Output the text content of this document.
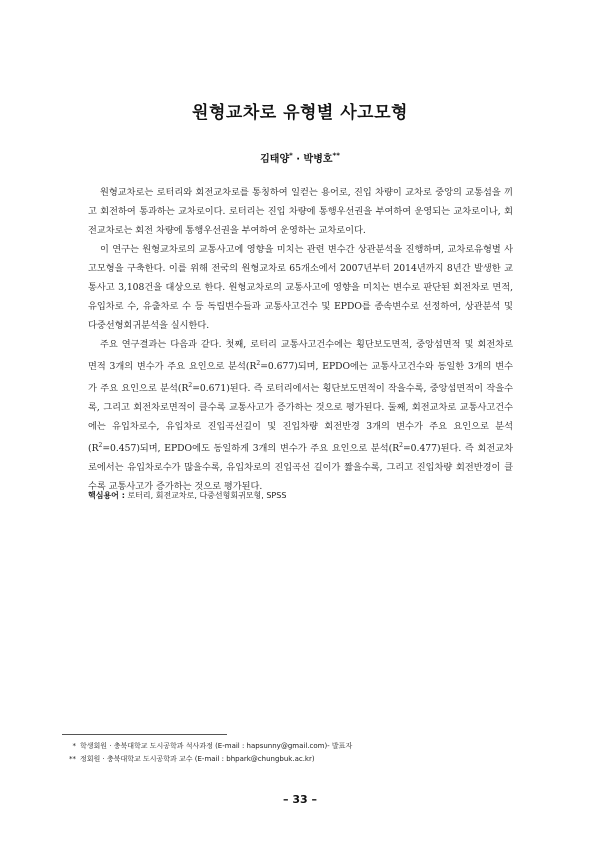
원형교차로 유형별 사고모형
김태양* · 박병호**

원형교차로는 로터리와 회전교차로를 통칭하여 일컫는 용어로, 진입 차량이 교차로 중앙의 교통섬을 끼고 회전하여 통과하는 교차로이다. 로터리는 진입 차량에 통행우선권을 부여하여 운영되는 교차로이나, 회전교차로는 회전 차량에 통행우선권을 부여하여 운영하는 교차로이다.

이 연구는 원형교차로의 교통사고에 영향을 미치는 관련 변수간 상관분석을 진행하며, 교차로유형별 사고모형을 구축한다. 이를 위해 전국의 원형교차로 65개소에서 2007년부터 2014년까지 8년간 발생한 교통사고 3,108건을 대상으로 한다. 원형교차로의 교통사고에 영향을 미치는 변수로 판단된 회전차로 면적, 유입차로 수, 유출차로 수 등 독립변수들과 교통사고건수 및 EPDO를 종속변수로 선정하여, 상관분석 및 다중선형회귀분석을 실시한다.

주요 연구결과는 다음과 같다. 첫째, 로터리 교통사고건수에는 횡단보도면적, 중앙섬면적 및 회전차로 면적 3개의 변수가 주요 요인으로 분석$(R^2=0.677)$되며, EPDO에는 교통사고건수와 동일한 3개의 변수가 주요 요인으로 분석$(R^2=0.671)$된다. 즉 로터리에서는 횡단보도면적이 작을수록, 중앙섬면적이 작을수록, 그리고 회전차로면적이 클수록 교통사고가 증가하는 것으로 평가된다. 둘째, 회전교차로 교통사고건수에는 유입차로수, 유입차로 진입곡선길이 및 진입차량 회전반경 3개의 변수가 주요 요인으로 분석$(R^2=0.457)$되며, EPDO에도 동일하게 3개의 변수가 주요 요인으로 분석$(R^2=0.477)$된다. 즉 회전교차로에서는 유입차로수가 많을수록, 유입차로의 진입곡선 길이가 짧을수록, 그리고 진입차량 회전반경이 클수록 교통사고가 증가하는 것으로 평가된다.

핵심용어 : 로터리, 회전교차로, 다중선형회귀모형, SPSS
* 학생회원 · 충북대학교 도시공학과 석사과정 (E-mail : hapsunny@gmail.com)- 발표자
** 정회원 · 충북대학교 도시공학과 교수 (E-mail : bhpark@chungbuk.ac.kr)
– 33 –
